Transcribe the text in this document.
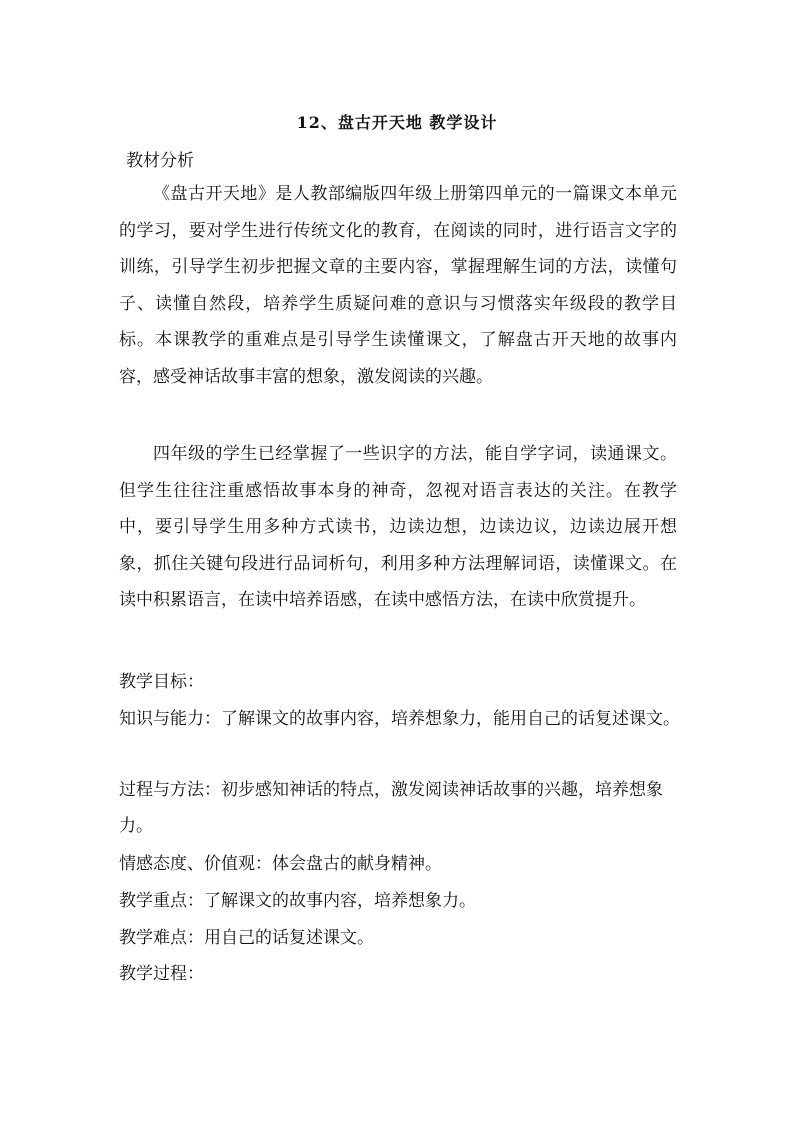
12、盘古开天地 教学设计
教材分析

《盘古开天地》是人教部编版四年级上册第四单元的一篇课文本单元的学习，要对学生进行传统文化的教育，在阅读的同时，进行语言文字的训练，引导学生初步把握文章的主要内容，掌握理解生词的方法，读懂句子、读懂自然段，培养学生质疑问难的意识与习惯落实年级段的教学目标。本课教学的重难点是引导学生读懂课文，了解盘古开天地的故事内容，感受神话故事丰富的想象，激发阅读的兴趣。

四年级的学生已经掌握了一些识字的方法，能自学字词，读通课文。但学生往往注重感悟故事本身的神奇，忽视对语言表达的关注。在教学中，要引导学生用多种方式读书，边读边想，边读边议，边读边展开想象，抓住关键句段进行品词析句，利用多种方法理解词语，读懂课文。在读中积累语言，在读中培养语感，在读中感悟方法，在读中欣赏提升。

教学目标：

知识与能力：了解课文的故事内容，培养想象力，能用自己的话复述课文。

过程与方法：初步感知神话的特点，激发阅读神话故事的兴趣，培养想象力。

情感态度、价值观：体会盘古的献身精神。

教学重点：了解课文的故事内容，培养想象力。

教学难点：用自己的话复述课文。

教学过程：
